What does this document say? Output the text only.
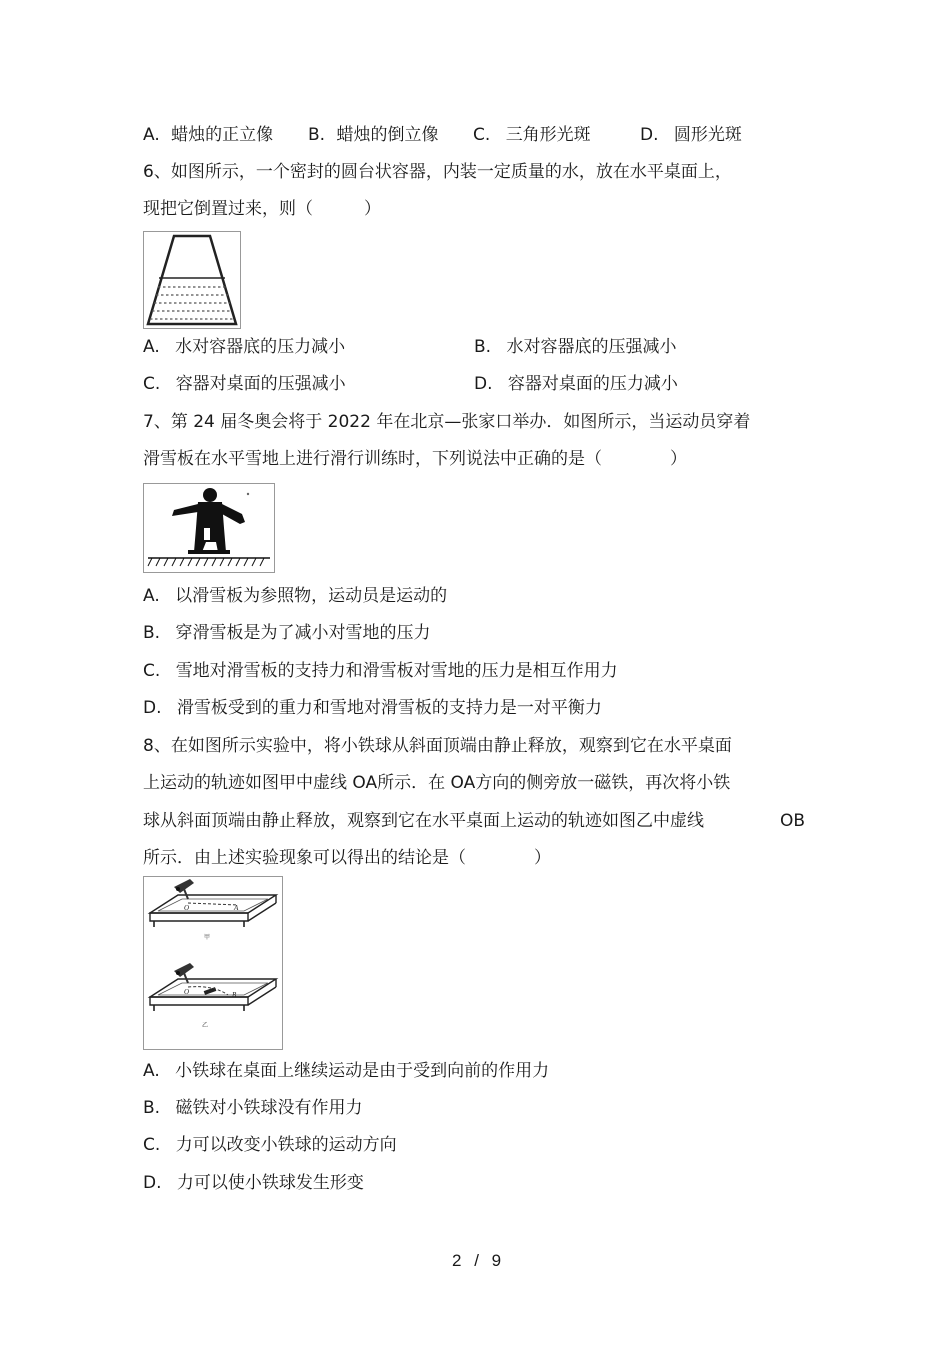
A. 蜡烛的正立像 B. 蜡烛的倒立像 C. 三角形光斑	D. 圆形光斑
6、如图所示，一个密封的圆台状容器，内装一定质量的水，放在水平桌面上，
现把它倒置过来，则（　　　）
A. 水对容器底的压力减小	B. 水对容器底的压强减小
C. 容器对桌面的压强减小	D. 容器对桌面的压力减小
7、第 24 届冬奥会将于 2022 年在北京—张家口举办．如图所示，当运动员穿着
滑雪板在水平雪地上进行滑行训练时，下列说法中正确的是（　　　　）
A. 以滑雪板为参照物，运动员是运动的
B. 穿滑雪板是为了减小对雪地的压力
C. 雪地对滑雪板的支持力和滑雪板对雪地的压力是相互作用力
D. 滑雪板受到的重力和雪地对滑雪板的支持力是一对平衡力
8、在如图所示实验中，将小铁球从斜面顶端由静止释放，观察到它在水平桌面
上运动的轨迹如图甲中虚线 OA所示．在 OA方向的侧旁放一磁铁，再次将小铁
球从斜面顶端由静止释放，观察到它在水平桌面上运动的轨迹如图乙中虚线	OB
所示．由上述实验现象可以得出的结论是（　　　　）
O	A
甲
O	B
乙
A. 小铁球在桌面上继续运动是由于受到向前的作用力
B. 磁铁对小铁球没有作用力
C. 力可以改变小铁球的运动方向
D. 力可以使小铁球发生形变
2 / 9
